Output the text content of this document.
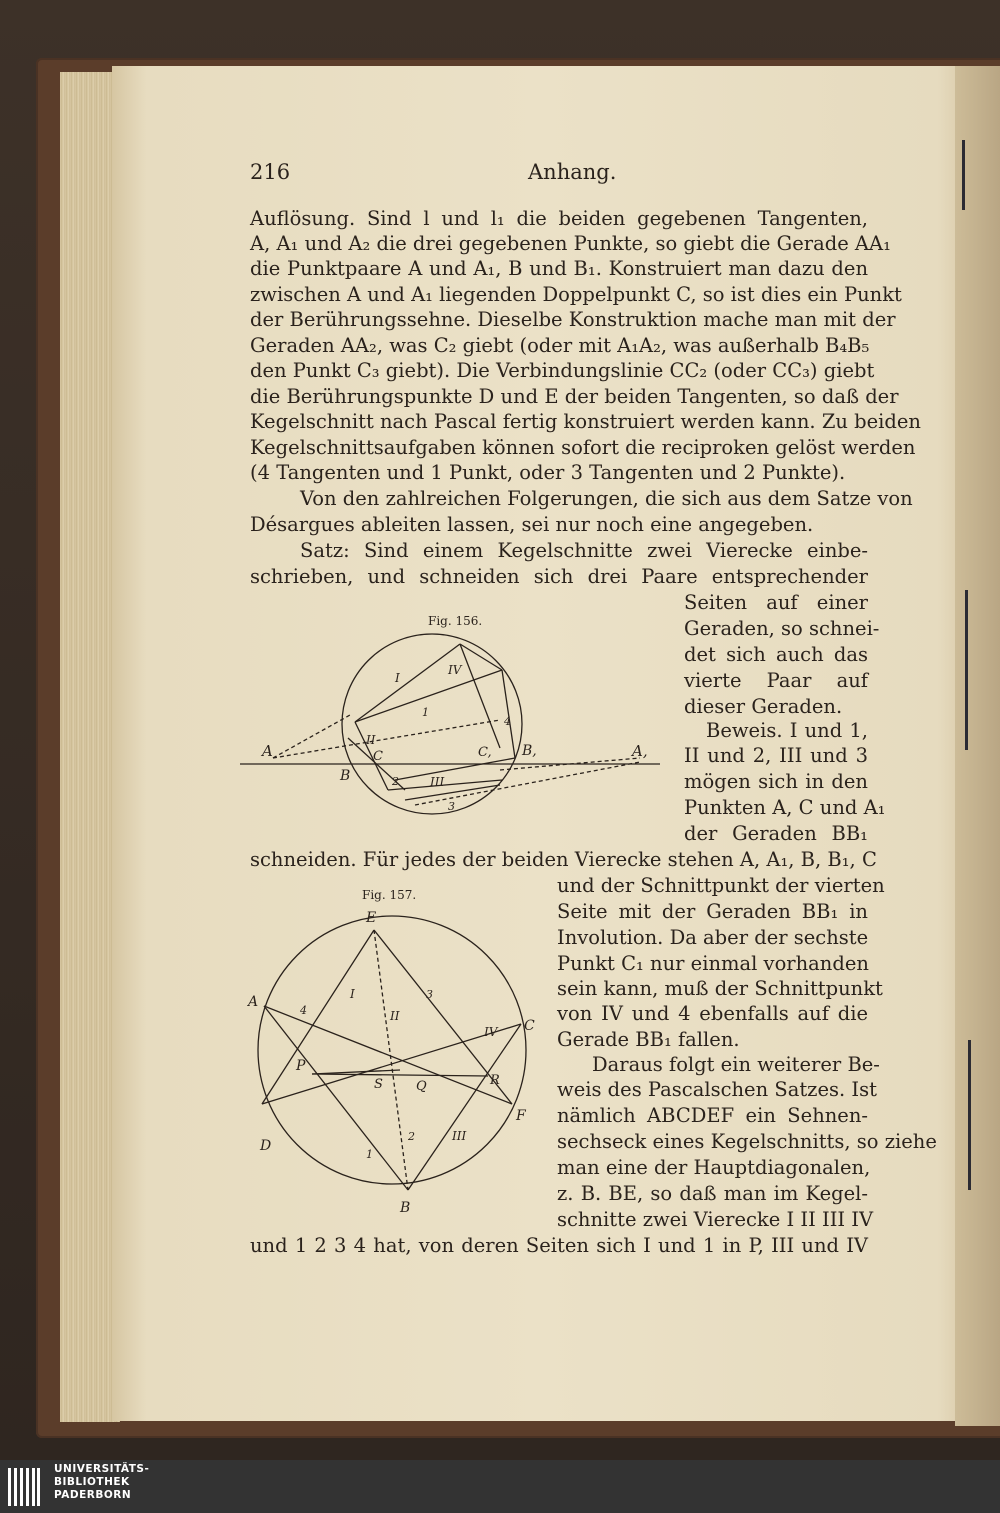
216	Anhang.
Auflösung. Sind l und l₁ die beiden gegebenen Tangenten,
A, A₁ und A₂ die drei gegebenen Punkte, so giebt die Gerade AA₁
die Punktpaare A und A₁, B und B₁. Konstruiert man dazu den
zwischen A und A₁ liegenden Doppelpunkt C, so ist dies ein Punkt
der Berührungssehne. Dieselbe Konstruktion mache man mit der
Geraden AA₂, was C₂ giebt (oder mit A₁A₂, was außerhalb B₄B₅
den Punkt C₃ giebt). Die Verbindungslinie CC₂ (oder CC₃) giebt
die Berührungspunkte D und E der beiden Tangenten, so daß der
Kegelschnitt nach Pascal fertig konstruiert werden kann. Zu beiden
Kegelschnittsaufgaben können sofort die reciproken gelöst werden
(4 Tangenten und 1 Punkt, oder 3 Tangenten und 2 Punkte).
Von den zahlreichen Folgerungen, die sich aus dem Satze von
Désargues ableiten lassen, sei nur noch eine angegeben.
Satz: Sind einem Kegelschnitte zwei Vierecke einbe-
schrieben, und schneiden sich drei Paare entsprechender
Seiten auf einer
Geraden, so schnei-
det sich auch das
vierte Paar auf
dieser Geraden.
Beweis. I und 1,
II und 2, III und 3
mögen sich in den
Punkten A, C und A₁
der Geraden BB₁
schneiden. Für jedes der beiden Vierecke stehen A, A₁, B, B₁, C
und der Schnittpunkt der vierten
Seite mit der Geraden BB₁ in
Involution. Da aber der sechste
Punkt C₁ nur einmal vorhanden
sein kann, muß der Schnittpunkt
von IV und 4 ebenfalls auf die
Gerade BB₁ fallen.
Daraus folgt ein weiterer Be-
weis des Pascalschen Satzes. Ist
nämlich ABCDEF ein Sehnen-
sechseck eines Kegelschnitts, so ziehe
man eine der Hauptdiagonalen,
z. B. BE, so daß man im Kegel-
schnitte zwei Vierecke I II III IV
und 1 2 3 4 hat, von deren Seiten sich I und 1 in P, III und IV
Fig. 156.
A
B
C	C, B,	A,
I
II
III
IV
1
2
3
4
Fig. 157.
E
A
C
D
F
B
P
Q	R
S
I
II
III
IV
1
2
3
4
UNIVERSITÄTS-
BIBLIOTHEK
PADERBORN
